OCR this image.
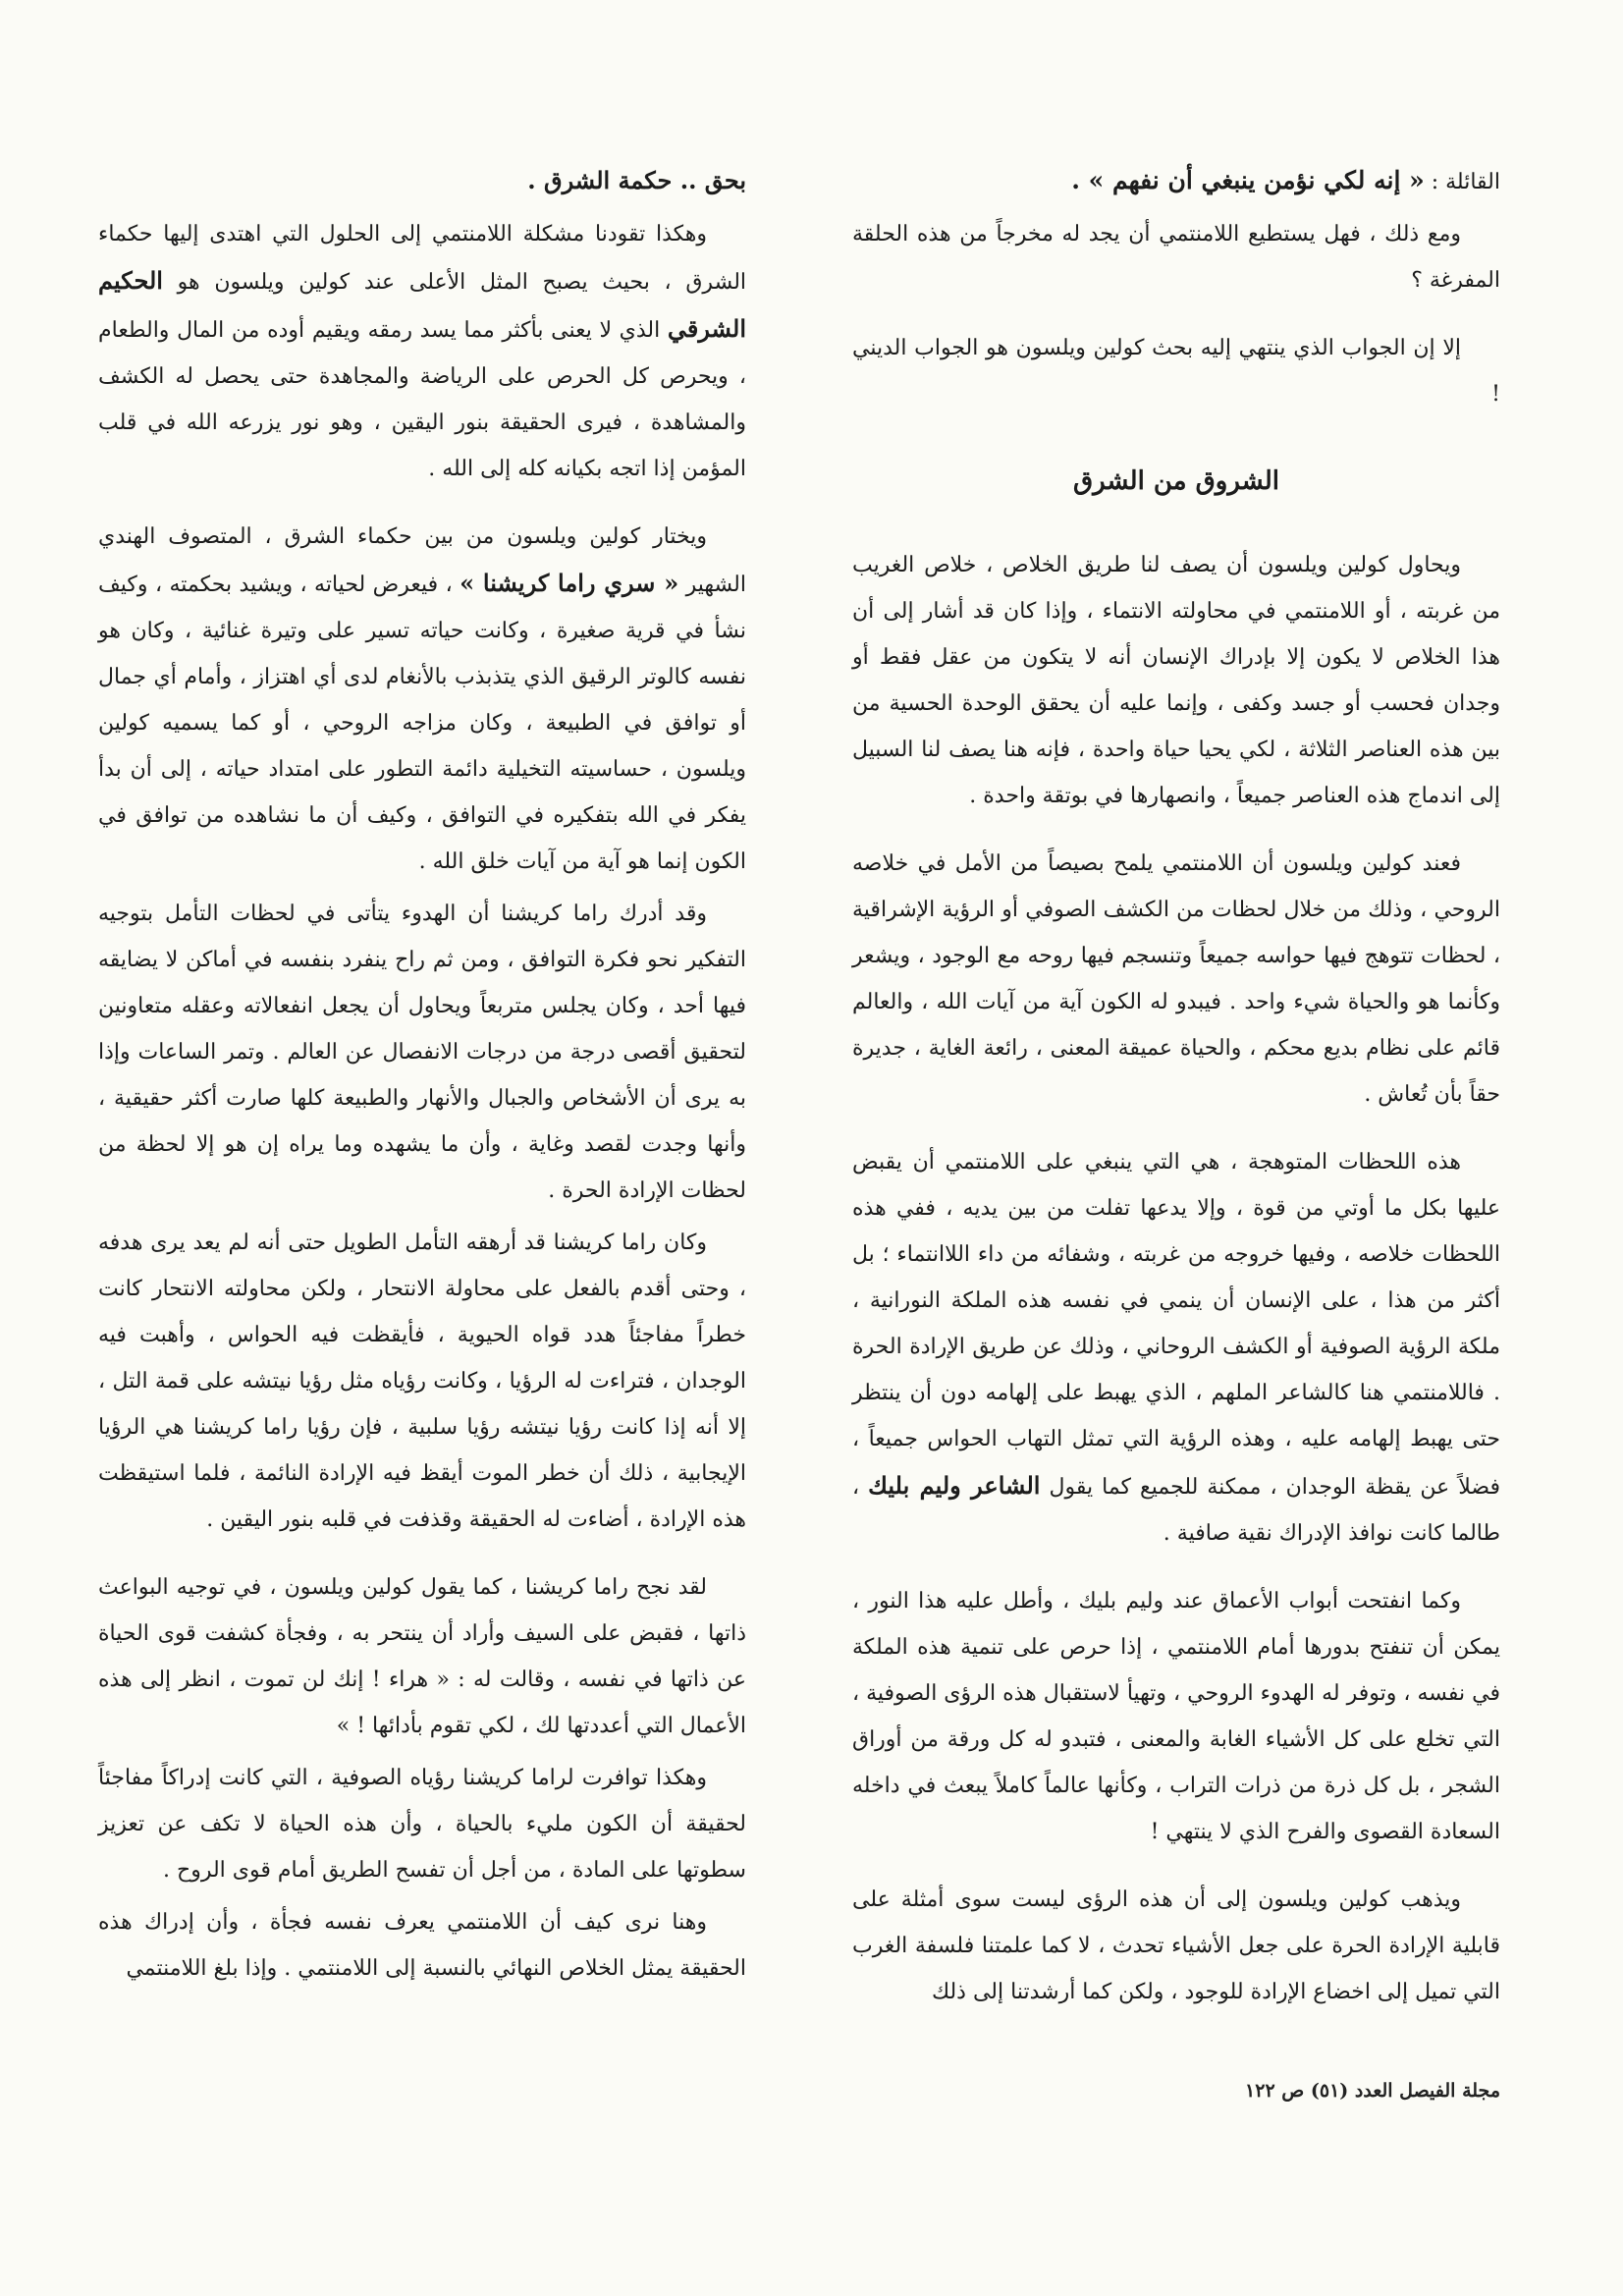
القائلة : « إنه لكي نؤمن ينبغي أن نفهم » .

ومع ذلك ، فهل يستطيع اللامنتمي أن يجد له مخرجاً من هذه الحلقة المفرغة ؟

إلا إن الجواب الذي ينتهي إليه بحث كولين ويلسون هو الجواب الديني !

الشروق من الشرق

ويحاول كولين ويلسون أن يصف لنا طريق الخلاص ، خلاص الغريب من غربته ، أو اللامنتمي في محاولته الانتماء ، وإذا كان قد أشار إلى أن هذا الخلاص لا يكون إلا بإدراك الإنسان أنه لا يتكون من عقل فقط أو وجدان فحسب أو جسد وكفى ، وإنما عليه أن يحقق الوحدة الحسية من بين هذه العناصر الثلاثة ، لكي يحيا حياة واحدة ، فإنه هنا يصف لنا السبيل إلى اندماج هذه العناصر جميعاً ، وانصهارها في بوتقة واحدة .

فعند كولين ويلسون أن اللامنتمي يلمح بصيصاً من الأمل في خلاصه الروحي ، وذلك من خلال لحظات من الكشف الصوفي أو الرؤية الإشراقية ، لحظات تتوهج فيها حواسه جميعاً وتنسجم فيها روحه مع الوجود ، ويشعر وكأنما هو والحياة شيء واحد . فيبدو له الكون آية من آيات الله ، والعالم قائم على نظام بديع محكم ، والحياة عميقة المعنى ، رائعة الغاية ، جديرة حقاً بأن تُعاش .

هذه اللحظات المتوهجة ، هي التي ينبغي على اللامنتمي أن يقبض عليها بكل ما أوتي من قوة ، وإلا يدعها تفلت من بين يديه ، ففي هذه اللحظات خلاصه ، وفيها خروجه من غربته ، وشفائه من داء اللاانتماء ؛ بل أكثر من هذا ، على الإنسان أن ينمي في نفسه هذه الملكة النورانية ، ملكة الرؤية الصوفية أو الكشف الروحاني ، وذلك عن طريق الإرادة الحرة . فاللامنتمي هنا كالشاعر الملهم ، الذي يهبط على إلهامه دون أن ينتظر حتى يهبط إلهامه عليه ، وهذه الرؤية التي تمثل التهاب الحواس جميعاً ، فضلاً عن يقظة الوجدان ، ممكنة للجميع كما يقول الشاعر وليم بليك ، طالما كانت نوافذ الإدراك نقية صافية .

وكما انفتحت أبواب الأعماق عند وليم بليك ، وأطل عليه هذا النور ، يمكن أن تنفتح بدورها أمام اللامنتمي ، إذا حرص على تنمية هذه الملكة في نفسه ، وتوفر له الهدوء الروحي ، وتهيأ لاستقبال هذه الرؤى الصوفية ، التي تخلع على كل الأشياء الغابة والمعنى ، فتبدو له كل ورقة من أوراق الشجر ، بل كل ذرة من ذرات التراب ، وكأنها عالماً كاملاً يبعث في داخله السعادة القصوى والفرح الذي لا ينتهي !

ويذهب كولين ويلسون إلى أن هذه الرؤى ليست سوى أمثلة على قابلية الإرادة الحرة على جعل الأشياء تحدث ، لا كما علمتنا فلسفة الغرب التي تميل إلى اخضاع الإرادة للوجود ، ولكن كما أرشدتنا إلى ذلك

بحق .. حكمة الشرق .

وهكذا تقودنا مشكلة اللامنتمي إلى الحلول التي اهتدى إليها حكماء الشرق ، بحيث يصبح المثل الأعلى عند كولين ويلسون هو الحكيم الشرقي الذي لا يعنى بأكثر مما يسد رمقه ويقيم أوده من المال والطعام ، ويحرص كل الحرص على الرياضة والمجاهدة حتى يحصل له الكشف والمشاهدة ، فيرى الحقيقة بنور اليقين ، وهو نور يزرعه الله في قلب المؤمن إذا اتجه بكيانه كله إلى الله .

ويختار كولين ويلسون من بين حكماء الشرق ، المتصوف الهندي الشهير « سري راما كريشنا » ، فيعرض لحياته ، ويشيد بحكمته ، وكيف نشأ في قرية صغيرة ، وكانت حياته تسير على وتيرة غنائية ، وكان هو نفسه كالوتر الرقيق الذي يتذبذب بالأنغام لدى أي اهتزاز ، وأمام أي جمال أو توافق في الطبيعة ، وكان مزاجه الروحي ، أو كما يسميه كولين ويلسون ، حساسيته التخيلية دائمة التطور على امتداد حياته ، إلى أن بدأ يفكر في الله بتفكيره في التوافق ، وكيف أن ما نشاهده من توافق في الكون إنما هو آية من آيات خلق الله .

وقد أدرك راما كريشنا أن الهدوء يتأتى في لحظات التأمل بتوجيه التفكير نحو فكرة التوافق ، ومن ثم راح ينفرد بنفسه في أماكن لا يضايقه فيها أحد ، وكان يجلس متربعاً ويحاول أن يجعل انفعالاته وعقله متعاونين لتحقيق أقصى درجة من درجات الانفصال عن العالم . وتمر الساعات وإذا به يرى أن الأشخاص والجبال والأنهار والطبيعة كلها صارت أكثر حقيقية ، وأنها وجدت لقصد وغاية ، وأن ما يشهده وما يراه إن هو إلا لحظة من لحظات الإرادة الحرة .

وكان راما كريشنا قد أرهقه التأمل الطويل حتى أنه لم يعد يرى هدفه ، وحتى أقدم بالفعل على محاولة الانتحار ، ولكن محاولته الانتحار كانت خطراً مفاجئاً هدد قواه الحيوية ، فأيقظت فيه الحواس ، وأهبت فيه الوجدان ، فتراءت له الرؤيا ، وكانت رؤياه مثل رؤيا نيتشه على قمة التل ، إلا أنه إذا كانت رؤيا نيتشه رؤيا سلبية ، فإن رؤيا راما كريشنا هي الرؤيا الإيجابية ، ذلك أن خطر الموت أيقظ فيه الإرادة النائمة ، فلما استيقظت هذه الإرادة ، أضاءت له الحقيقة وقذفت في قلبه بنور اليقين .

لقد نجح راما كريشنا ، كما يقول كولين ويلسون ، في توجيه البواعث ذاتها ، فقبض على السيف وأراد أن ينتحر به ، وفجأة كشفت قوى الحياة عن ذاتها في نفسه ، وقالت له : « هراء ! إنك لن تموت ، انظر إلى هذه الأعمال التي أعددتها لك ، لكي تقوم بأدائها ! »

وهكذا توافرت لراما كريشنا رؤياه الصوفية ، التي كانت إدراكاً مفاجئاً لحقيقة أن الكون مليء بالحياة ، وأن هذه الحياة لا تكف عن تعزيز سطوتها على المادة ، من أجل أن تفسح الطريق أمام قوى الروح .

وهنا نرى كيف أن اللامنتمي يعرف نفسه فجأة ، وأن إدراك هذه الحقيقة يمثل الخلاص النهائي بالنسبة إلى اللامنتمي . وإذا بلغ اللامنتمي

مجلة الفيصل العدد (٥١) ص ١٢٢
